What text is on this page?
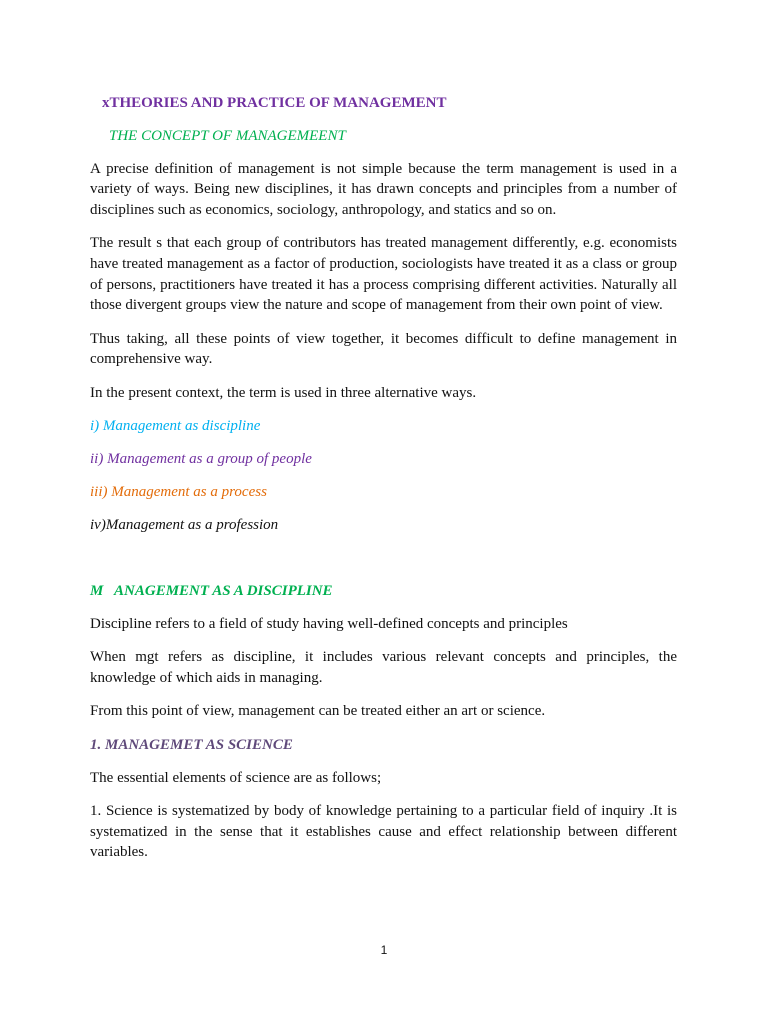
xTHEORIES AND PRACTICE OF MANAGEMENT
THE CONCEPT OF MANAGEMEENT

A precise definition of management is not simple because the term management is used in a variety of ways. Being new disciplines, it has drawn concepts and principles from a number of disciplines such as economics, sociology, anthropology, and statics and so on.

The result s that each group of contributors has treated management differently, e.g. economists have treated management as a factor of production, sociologists have treated it as a class or group of persons, practitioners have treated it has a process comprising different activities. Naturally all those divergent groups view the nature and scope of management from their own point of view.

Thus taking, all these points of view together, it becomes difficult to define management in comprehensive way.

In the present context, the term is used in three alternative ways.

i) Management as discipline
ii) Management as a group of people
iii) Management as a process
iv)Management as a profession
M   ANAGEMENT AS A DISCIPLINE

Discipline refers to a field of study having well-defined concepts and principles

When mgt refers as discipline, it includes various relevant concepts and principles, the knowledge of which aids in managing.

From this point of view, management can be treated either an art or science.

1. MANAGEMET AS SCIENCE

The essential elements of science are as follows;

1. Science is systematized by body of knowledge pertaining to a particular field of inquiry .It is systematized in the sense that it establishes cause and effect relationship between different variables.

1
